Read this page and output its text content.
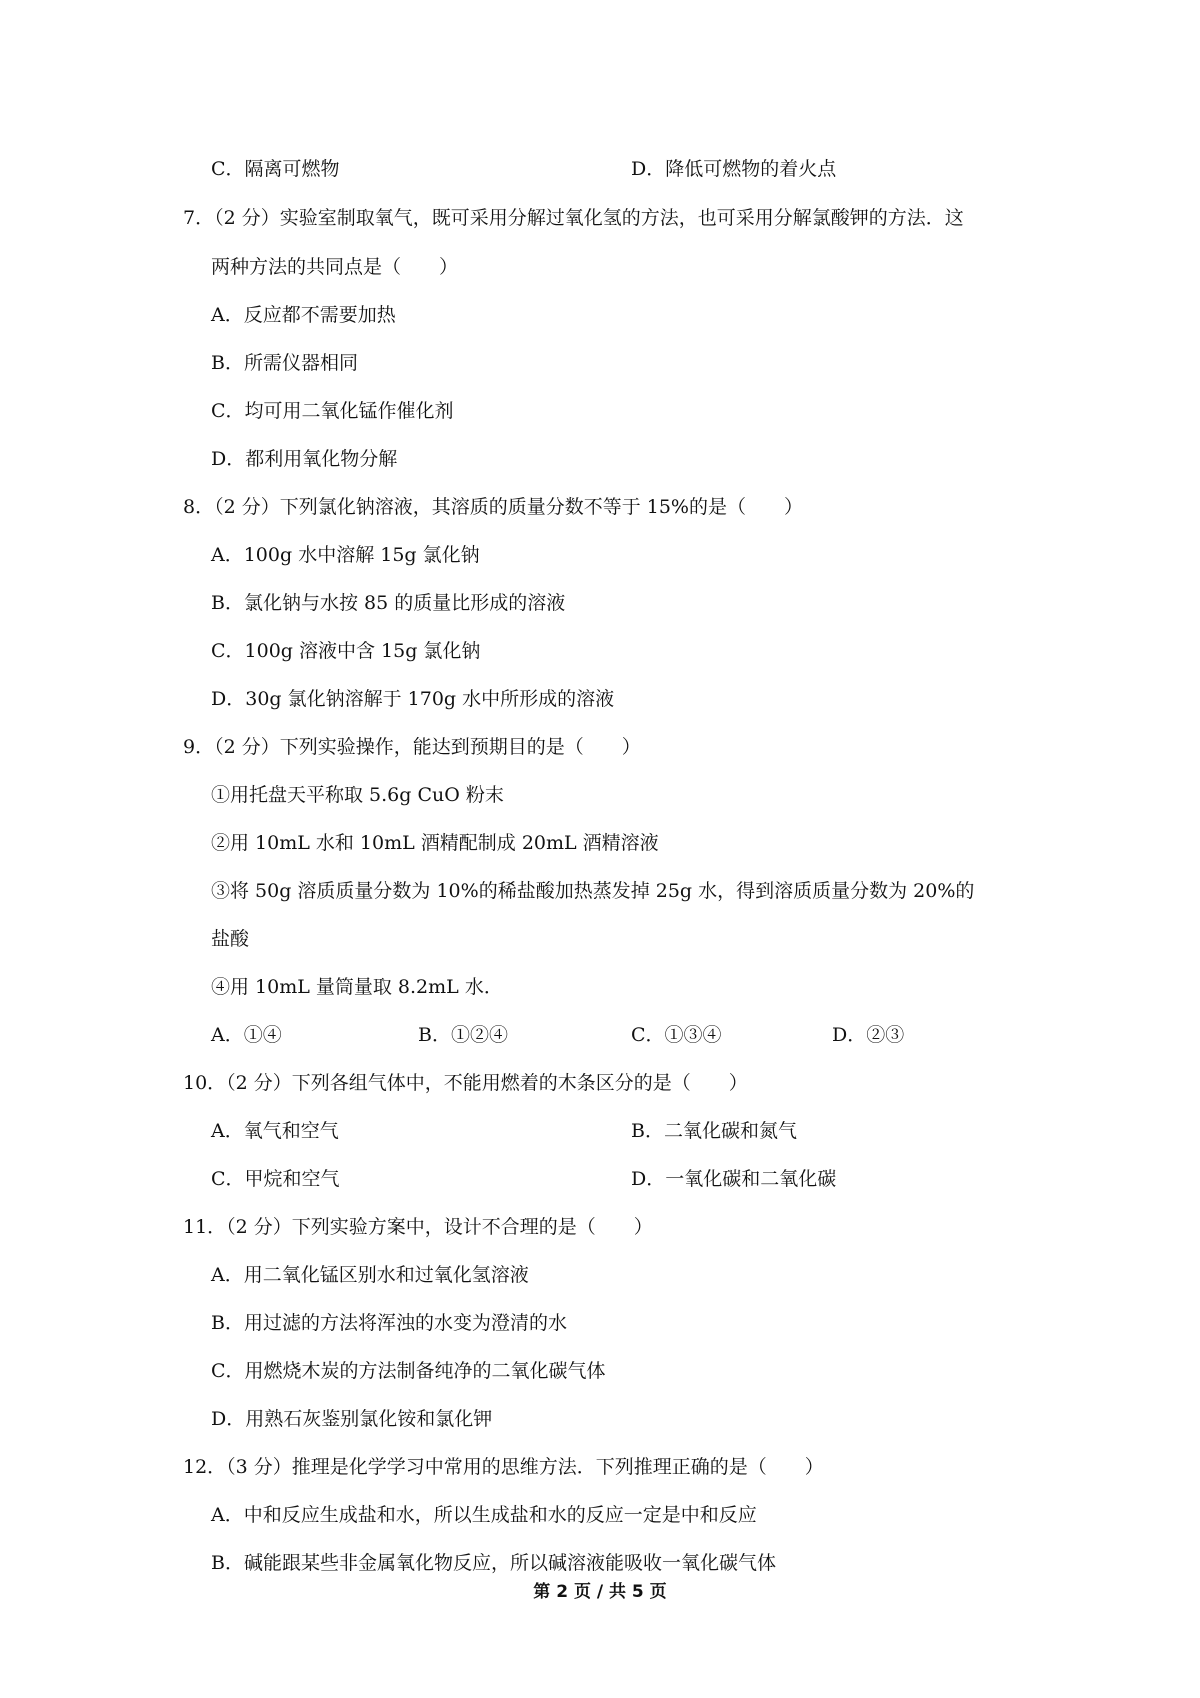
C．隔离可燃物	D．降低可燃物的着火点
7．（2 分）实验室制取氧气，既可采用分解过氧化氢的方法，也可采用分解氯酸钾的方法．这
两种方法的共同点是（　　）
A．反应都不需要加热
B．所需仪器相同
C．均可用二氧化锰作催化剂
D．都利用氧化物分解
8．（2 分）下列氯化钠溶液，其溶质的质量分数不等于 15%的是（　　）
A．100g 水中溶解 15g 氯化钠
B．氯化钠与水按 85 的质量比形成的溶液
C．100g 溶液中含 15g 氯化钠
D．30g 氯化钠溶解于 170g 水中所形成的溶液
9．（2 分）下列实验操作，能达到预期目的是（　　）
①用托盘天平称取 5.6g CuO 粉末
②用 10mL 水和 10mL 酒精配制成 20mL 酒精溶液
③将 50g 溶质质量分数为 10%的稀盐酸加热蒸发掉 25g 水，得到溶质质量分数为 20%的
盐酸
④用 10mL 量筒量取 8.2mL 水．
A．①④	B．①②④	C．①③④	D．②③
10．（2 分）下列各组气体中，不能用燃着的木条区分的是（　　）
A．氧气和空气	B．二氧化碳和氮气
C．甲烷和空气	D．一氧化碳和二氧化碳
11．（2 分）下列实验方案中，设计不合理的是（　　）
A．用二氧化锰区别水和过氧化氢溶液
B．用过滤的方法将浑浊的水变为澄清的水
C．用燃烧木炭的方法制备纯净的二氧化碳气体
D．用熟石灰鉴别氯化铵和氯化钾
12．（3 分）推理是化学学习中常用的思维方法．下列推理正确的是（　　）
A．中和反应生成盐和水，所以生成盐和水的反应一定是中和反应
B．碱能跟某些非金属氧化物反应，所以碱溶液能吸收一氧化碳气体
第 2 页 / 共 5 页
